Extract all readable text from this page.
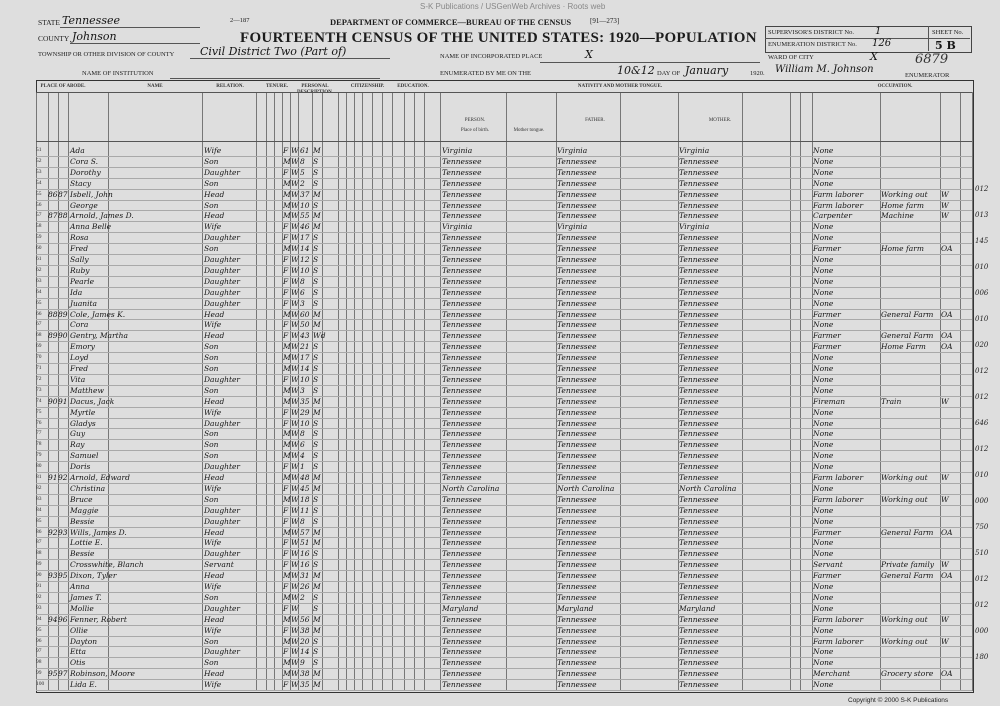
S-K Publications / USGenWeb Archives · Roots web
2—187	DEPARTMENT OF COMMERCE—BUREAU OF THE CENSUS	[91—273]
FOURTEENTH CENSUS OF THE UNITED STATES: 1920—POPULATION
STATE Tennessee
COUNTY Johnson
TOWNSHIP OR OTHER DIVISION OF COUNTY Civil District Two (Part of)
NAME OF INSTITUTION
NAME OF INCORPORATED PLACE	X
ENUMERATED BY ME ON THE	10&12 DAY OF January	1920. William M. Johnson
ENUMERATOR
SUPERVISOR'S DISTRICT No. 1
ENUMERATION DISTRICT No. 126
SHEET No.
5 B
WARD OF CITY	X	6879
PLACE OF ABODE.	NAME	RELATION.	TENURE.	PERSONAL DESCRIPTION.
CITIZENSHIP.	EDUCATION.	NATIVITY AND MOTHER TONGUE.	OCCUPATION.
PERSON.	FATHER.	MOTHER.
Place of birth.	Mother tongue.
51	Ada	Wife	F W 61 M	Virginia	Virginia	Virginia	None
52	Cora S.	Son	M W 8	S	Tennessee	Tennessee	Tennessee	None
53	Dorothy	Daughter	F W 5	S	Tennessee	Tennessee	Tennessee	None
54	Stacy	Son	M W 2	S	Tennessee	Tennessee	Tennessee	None
55 86 87 Isbell, John	Head	M W 37 M	Tennessee	Tennessee	Tennessee	Farm laborer	Working out	W
56	George	Son	M W 10 S	Tennessee	Tennessee	Tennessee	Farm laborer	Home farm	W
57 87 88 Arnold, James D.	Head	M W 55 M	Tennessee	Tennessee	Tennessee	Carpenter	Machine	W
58	Anna Belle	Wife	F W 46 M	Virginia	Virginia	Virginia	None
59	Rosa	Daughter	F W 17 S	Tennessee	Tennessee	Tennessee	None
60	Fred	Son	M W 14 S	Tennessee	Tennessee	Tennessee	Farmer	Home farm	OA
61	Sally	Daughter	F W 12 S	Tennessee	Tennessee	Tennessee	None
62	Ruby	Daughter	F W 10 S	Tennessee	Tennessee	Tennessee	None
63	Pearle	Daughter	F W 8	S	Tennessee	Tennessee	Tennessee	None
64	Ida	Daughter	F W 6	S	Tennessee	Tennessee	Tennessee	None
65	Juanita	Daughter	F W 3	S	Tennessee	Tennessee	Tennessee	None
66 88 89 Cole, James K.	Head	M W 60 M	Tennessee	Tennessee	Tennessee	Farmer	General Farm	OA
67	Cora	Wife	F W 50 M	Tennessee	Tennessee	Tennessee	None
68 89 90 Gentry, Martha	Head	F W 43 Wd	Tennessee	Tennessee	Tennessee	Farmer	General Farm	OA
69	Emory	Son	M W 21 S	Tennessee	Tennessee	Tennessee	Farmer	Home Farm	OA
70	Loyd	Son	M W 17 S	Tennessee	Tennessee	Tennessee	None
71	Fred	Son	M W 14 S	Tennessee	Tennessee	Tennessee	None
72	Vita	Daughter	F W 10 S	Tennessee	Tennessee	Tennessee	None
73	Matthew	Son	M W 3	S	Tennessee	Tennessee	Tennessee	None
74 90 91 Dacus, Jack	Head	M W 35 M	Tennessee	Tennessee	Tennessee	Fireman	Train	W
75	Myrtle	Wife	F W 29 M	Tennessee	Tennessee	Tennessee	None
76	Gladys	Daughter	F W 10 S	Tennessee	Tennessee	Tennessee	None
77	Guy	Son	M W 8	S	Tennessee	Tennessee	Tennessee	None
78	Ray	Son	M W 6	S	Tennessee	Tennessee	Tennessee	None
79	Samuel	Son	M W 4	S	Tennessee	Tennessee	Tennessee	None
80	Doris	Daughter	F W 1	S	Tennessee	Tennessee	Tennessee	None
81 91 92 Arnold, Edward	Head	M W 48 M	Tennessee	Tennessee	Tennessee	Farm laborer	Working out	W
82	Christina	Wife	F W 45 M	North Carolina	North Carolina	North Carolina	None
83	Bruce	Son	M W 18 S	Tennessee	Tennessee	Tennessee	Farm laborer	Working out	W
84	Maggie	Daughter	F W 11 S	Tennessee	Tennessee	Tennessee	None
85	Bessie	Daughter	F W 8	S	Tennessee	Tennessee	Tennessee	None
86 92 93 Wills, James D.	Head	M W 57 M	Tennessee	Tennessee	Tennessee	Farmer	General Farm	OA
87	Lottie E.	Wife	F W 51 M	Tennessee	Tennessee	Tennessee	None
88	Bessie	Daughter	F W 16 S	Tennessee	Tennessee	Tennessee	None
89	Crosswhite, Blanch	Servant	F W 16 S	Tennessee	Tennessee	Tennessee	Servant	Private family W
90 93 95 Dixon, Tyler	Head	M W 31 M	Tennessee	Tennessee	Tennessee	Farmer	General Farm	OA
91	Anna	Wife	F W 26 M	Tennessee	Tennessee	Tennessee	None
92	James T.	Son	M W 2	S	Tennessee	Tennessee	Tennessee	None
93	Mollie	Daughter	F W S	Maryland	Maryland	Maryland	None
94 94 96 Fenner, Robert	Head	M W 56 M	Tennessee	Tennessee	Tennessee	Farm laborer	Working out	W
95	Ollie	Wife	F W 38 M	Tennessee	Tennessee	Tennessee	None
96	Dayton	Son	M W 20 S	Tennessee	Tennessee	Tennessee	Farm laborer	Working out	W
97	Etta	Daughter	F W 14 S	Tennessee	Tennessee	Tennessee	None
98	Otis	Son	M W 9	S	Tennessee	Tennessee	Tennessee	None
99 95 97 Robinson, Moore	Head	M W 38 M	Tennessee	Tennessee	Tennessee	Merchant	Grocery store	OA
100	Lida E.	Wife	F W 35 M	Tennessee	Tennessee	Tennessee	None
012
013
145
010
006
010
020
012
012
646
012
010
000
750
510
012
012
000
180
Copyright © 2000 S-K Publications
